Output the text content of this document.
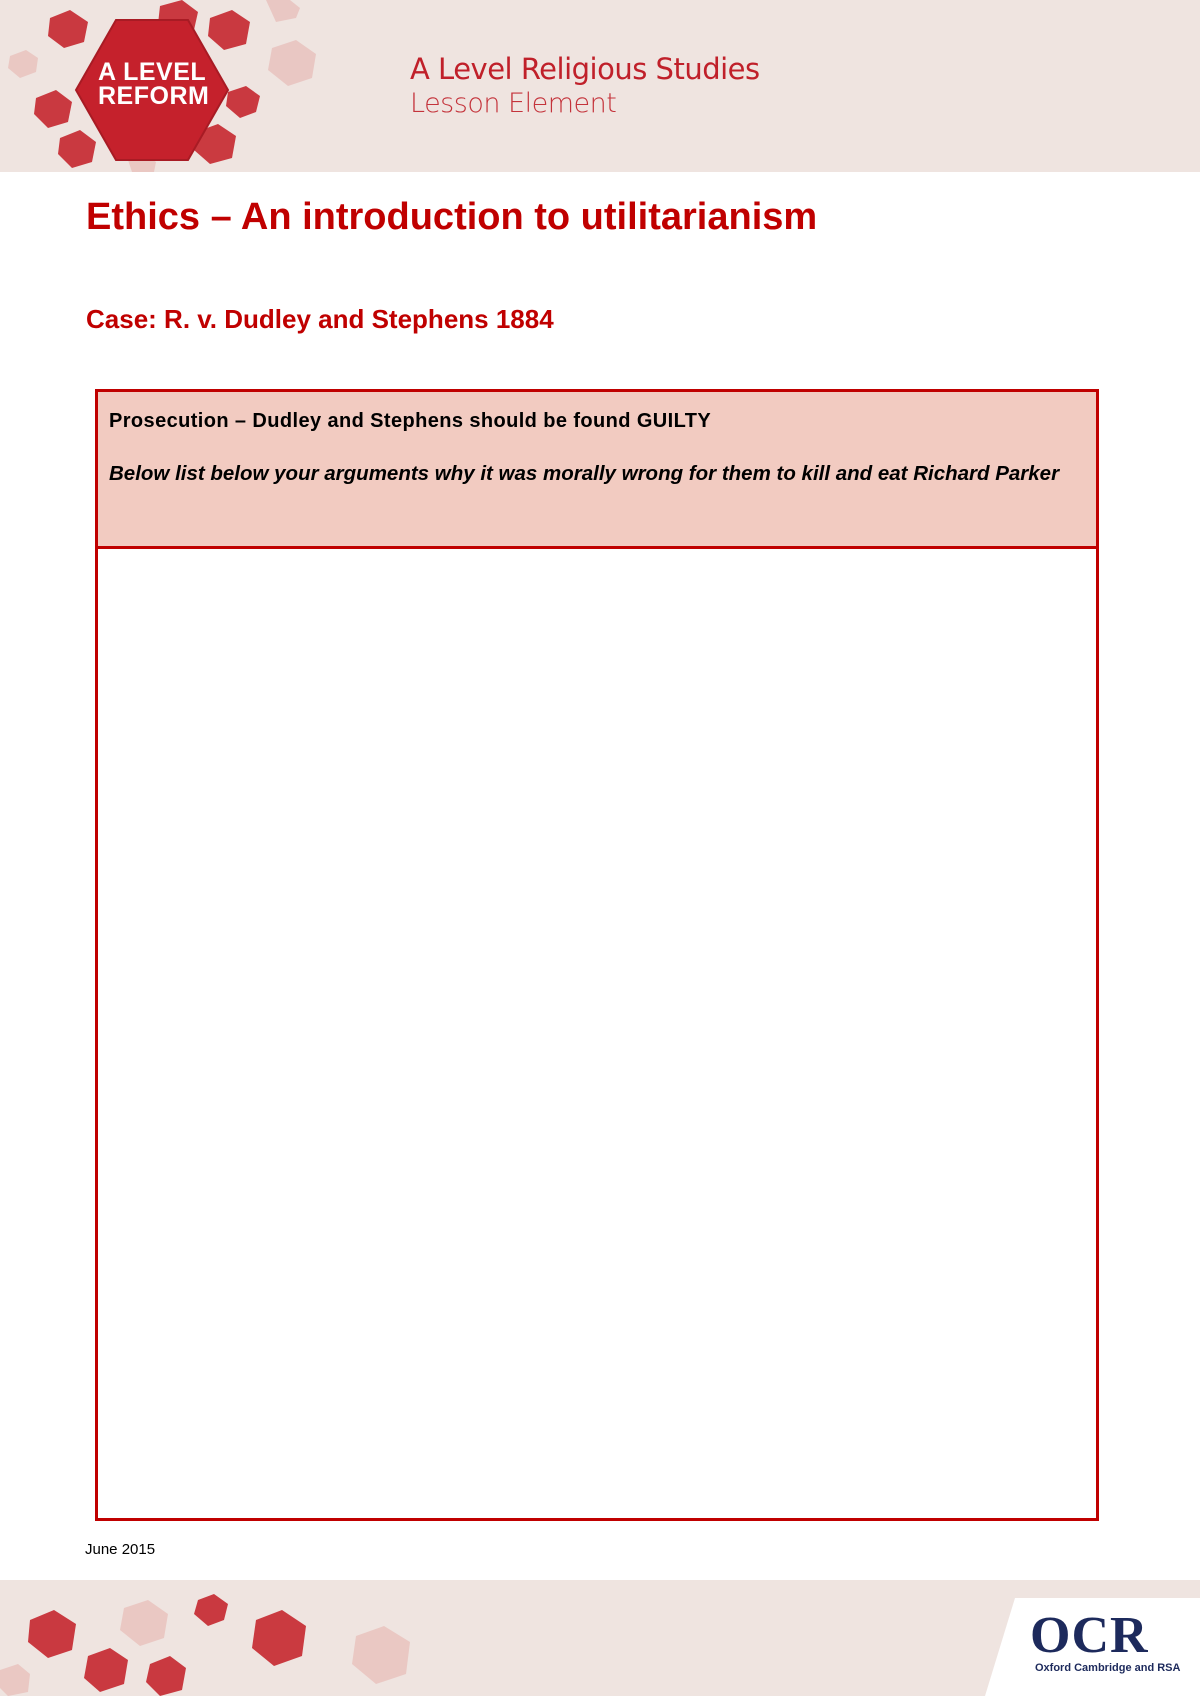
A LEVEL
REFORM
A Level Religious Studies
Lesson Element
Ethics – An introduction to utilitarianism
Case: R. v. Dudley and Stephens 1884
Prosecution – Dudley and Stephens should be found GUILTY
Below list below your arguments why it was morally wrong for them to kill and eat Richard Parker
June 2015
OCR
Oxford Cambridge and RSA
